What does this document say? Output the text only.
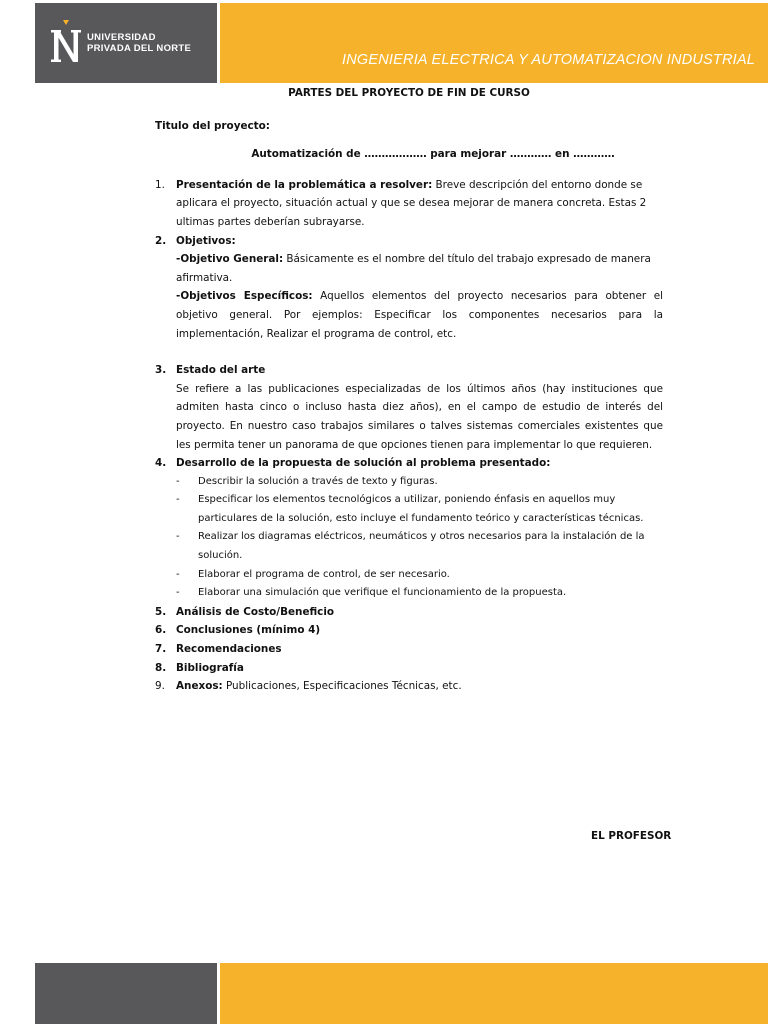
UNIVERSIDAD
PRIVADA DEL NORTE
INGENIERIA ELECTRICA Y AUTOMATIZACION INDUSTRIAL

PARTES DEL PROYECTO DE FIN DE CURSO

Titulo del proyecto:

Automatización de ……………… para mejorar ………… en …………

1. Presentación de la problemática a resolver: Breve descripción del entorno donde se aplicara el proyecto, situación actual y que se desea mejorar de manera concreta. Estas 2 ultimas partes deberían subrayarse.
2. Objetivos:
-Objetivo General: Básicamente es el nombre del título del trabajo expresado de manera afirmativa.
-Objetivos Específicos: Aquellos elementos del proyecto necesarios para obtener el objetivo general. Por ejemplos: Especificar los componentes necesarios para la implementación, Realizar el programa de control, etc.
3. Estado del arte
Se refiere a las publicaciones especializadas de los últimos años (hay instituciones que admiten hasta cinco o incluso hasta diez años), en el campo de estudio de interés del proyecto. En nuestro caso trabajos similares o talves sistemas comerciales existentes que les permita tener un panorama de que opciones tienen para implementar lo que requieren.
4. Desarrollo de la propuesta de solución al problema presentado:
- Describir la solución a través de texto y figuras.
- Especificar los elementos tecnológicos a utilizar, poniendo énfasis en aquellos muy particulares de la solución, esto incluye el fundamento teórico y características técnicas.
- Realizar los diagramas eléctricos, neumáticos y otros necesarios para la instalación de la solución.
- Elaborar el programa de control, de ser necesario.
- Elaborar una simulación que verifique el funcionamiento de la propuesta.
5. Análisis de Costo/Beneficio
6. Conclusiones (mínimo 4)
7. Recomendaciones
8. Bibliografía
9. Anexos: Publicaciones, Especificaciones Técnicas, etc.
EL PROFESOR
